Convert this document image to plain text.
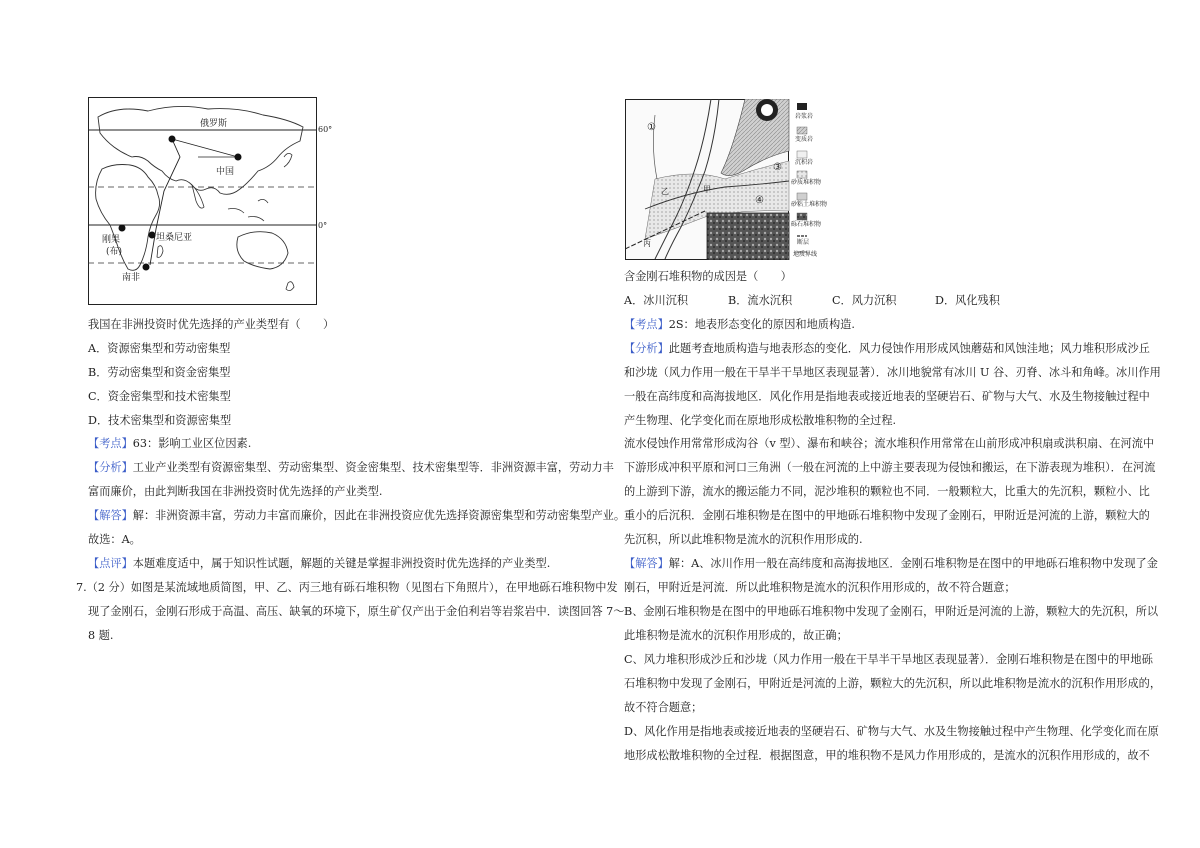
俄罗斯
60°
中国
0°
刚果
(布)
坦桑尼亚
南非
我国在非洲投资时优先选择的产业类型有（　　）
A．资源密集型和劳动密集型
B．劳动密集型和资金密集型
C．资金密集型和技术密集型
D．技术密集型和资源密集型
【考点】63：影响工业区位因素.
【分析】工业产业类型有资源密集型、劳动密集型、资金密集型、技术密集型等．非洲资源丰富，劳动力丰
富而廉价，由此判断我国在非洲投资时优先选择的产业类型.
【解答】解：非洲资源丰富，劳动力丰富而廉价，因此在非洲投资应优先选择资源密集型和劳动密集型产业。
故选：A。
【点评】本题难度适中，属于知识性试题，解题的关键是掌握非洲投资时优先选择的产业类型.
7.（2 分）如图是某流域地质简图，甲、乙、丙三地有砾石堆积物（见图右下角照片），在甲地砾石堆积物中发
现了金刚石，金刚石形成于高温、高压、缺氧的环境下，原生矿仅产出于金伯利岩等岩浆岩中．读图回答 7～
8 题.
岩浆岩
变质岩
沉积岩
砂质堆积物
砂粘土堆积物
砾石堆积物
断层
地质界线
①
②
③
④
甲
乙
丙
含金刚石堆积物的成因是（　　）
A．冰川沉积	B．流水沉积	C．风力沉积	D．风化残积
【考点】2S：地表形态变化的原因和地质构造.
【分析】此题考查地质构造与地表形态的变化．风力侵蚀作用形成风蚀蘑菇和风蚀洼地；风力堆积形成沙丘
和沙垅（风力作用一般在干旱半干旱地区表现显著）．冰川地貌常有冰川 U 谷、刃脊、冰斗和角峰。冰川作用
一般在高纬度和高海拔地区．风化作用是指地表或接近地表的坚硬岩石、矿物与大气、水及生物接触过程中
产生物理、化学变化而在原地形成松散堆积物的全过程.
流水侵蚀作用常常形成沟谷（v 型）、瀑布和峡谷；流水堆积作用常常在山前形成冲积扇或洪积扇、在河流中
下游形成冲积平原和河口三角洲（一般在河流的上中游主要表现为侵蚀和搬运，在下游表现为堆积）．在河流
的上游到下游，流水的搬运能力不同，泥沙堆积的颗粒也不同．一般颗粒大，比重大的先沉积，颗粒小、比
重小的后沉积．金刚石堆积物是在图中的甲地砾石堆积物中发现了金刚石，甲附近是河流的上游，颗粒大的
先沉积，所以此堆积物是流水的沉积作用形成的.
【解答】解：A、冰川作用一般在高纬度和高海拔地区．金刚石堆积物是在图中的甲地砾石堆积物中发现了金
刚石，甲附近是河流．所以此堆积物是流水的沉积作用形成的，故不符合题意；
B、金刚石堆积物是在图中的甲地砾石堆积物中发现了金刚石，甲附近是河流的上游，颗粒大的先沉积，所以
此堆积物是流水的沉积作用形成的，故正确；
C、风力堆积形成沙丘和沙垅（风力作用一般在干旱半干旱地区表现显著）．金刚石堆积物是在图中的甲地砾
石堆积物中发现了金刚石，甲附近是河流的上游，颗粒大的先沉积，所以此堆积物是流水的沉积作用形成的，
故不符合题意；
D、风化作用是指地表或接近地表的坚硬岩石、矿物与大气、水及生物接触过程中产生物理、化学变化而在原
地形成松散堆积物的全过程．根据图意，甲的堆积物不是风力作用形成的，是流水的沉积作用形成的，故不
